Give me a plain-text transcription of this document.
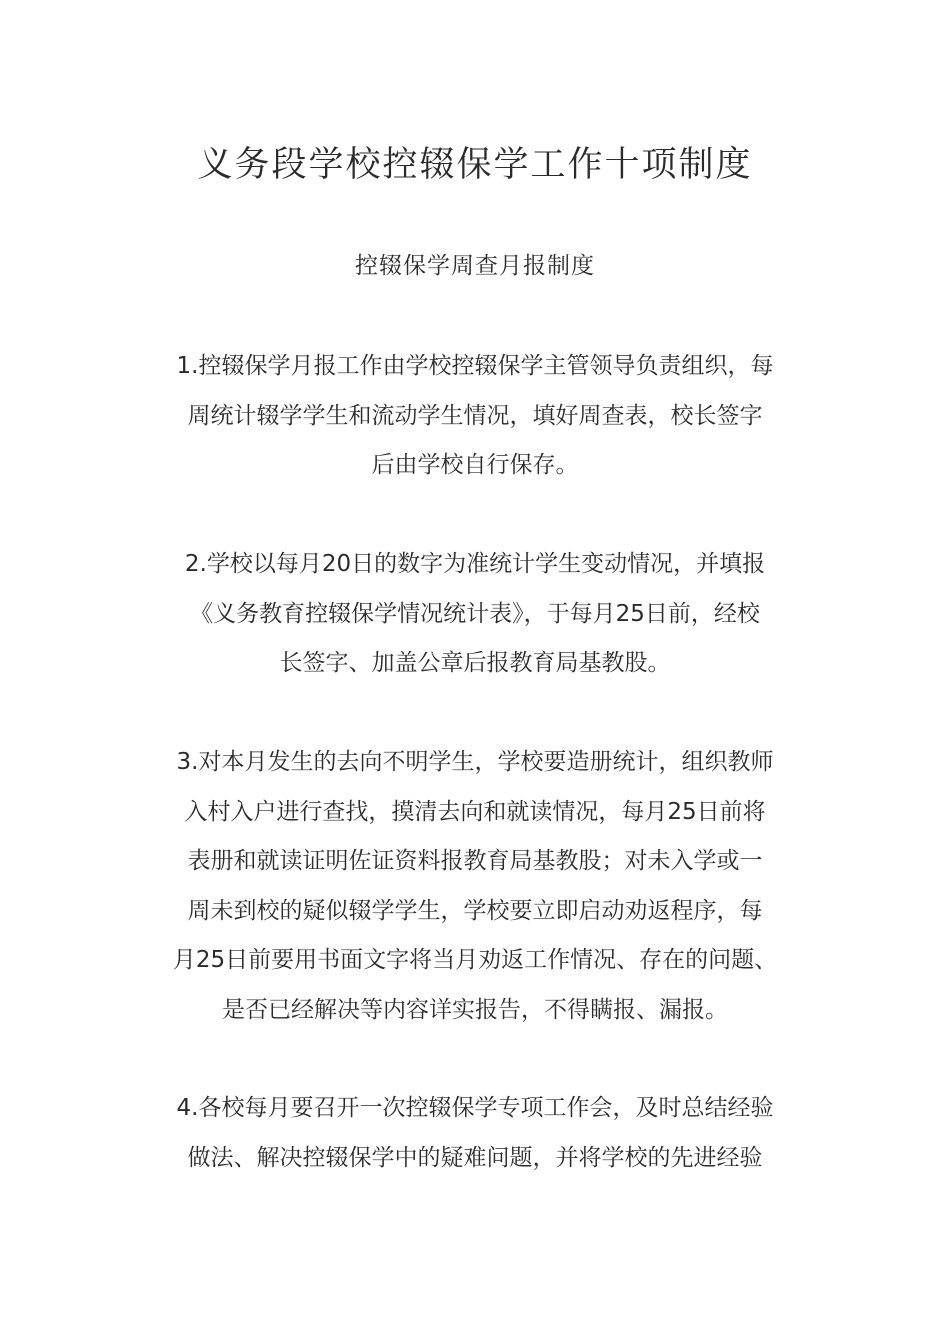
义务段学校控辍保学工作十项制度
控辍保学周查月报制度

1.控辍保学月报工作由学校控辍保学主管领导负责组织，每
周统计辍学学生和流动学生情况，填好周查表，校长签字
后由学校自行保存。

2.学校以每月20日的数字为准统计学生变动情况，并填报
《义务教育控辍保学情况统计表》，于每月25日前，经校
长签字、加盖公章后报教育局基教股。

3.对本月发生的去向不明学生，学校要造册统计，组织教师
入村入户进行查找，摸清去向和就读情况，每月25日前将
表册和就读证明佐证资料报教育局基教股；对未入学或一
周未到校的疑似辍学学生，学校要立即启动劝返程序，每
月25日前要用书面文字将当月劝返工作情况、存在的问题、
是否已经解决等内容详实报告，不得瞒报、漏报。

4.各校每月要召开一次控辍保学专项工作会，及时总结经验
做法、解决控辍保学中的疑难问题，并将学校的先进经验
